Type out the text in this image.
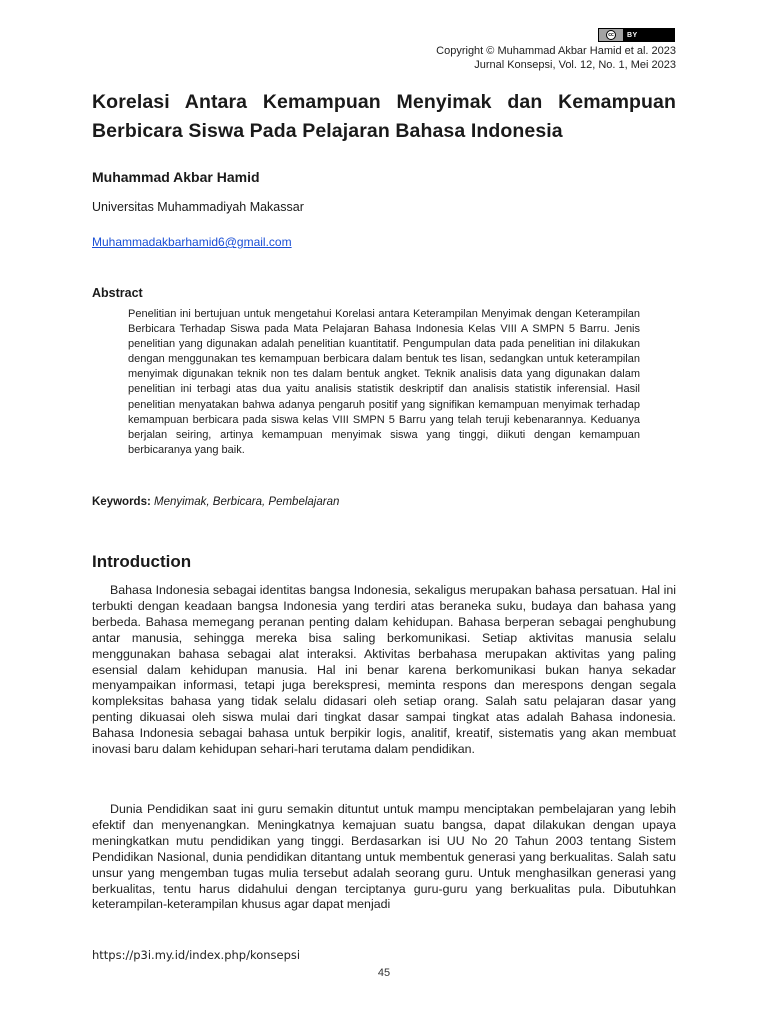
cc	BY
Copyright © Muhammad Akbar Hamid et al. 2023
Jurnal Konsepsi, Vol. 12, No. 1, Mei 2023
Korelasi Antara Kemampuan Menyimak dan Kemampuan Berbicara Siswa Pada Pelajaran Bahasa Indonesia

Muhammad Akbar Hamid

Universitas Muhammadiyah Makassar

Muhammadakbarhamid6@gmail.com

Abstract

Penelitian ini bertujuan untuk mengetahui Korelasi antara Keterampilan Menyimak dengan Keterampilan Berbicara Terhadap Siswa pada Mata Pelajaran Bahasa Indonesia Kelas VIII A SMPN 5 Barru. Jenis penelitian yang digunakan adalah penelitian kuantitatif. Pengumpulan data pada penelitian ini dilakukan dengan menggunakan tes kemampuan berbicara dalam bentuk tes lisan, sedangkan untuk keterampilan menyimak digunakan teknik non tes dalam bentuk angket. Teknik analisis data yang digunakan dalam penelitian ini terbagi atas dua yaitu analisis statistik deskriptif dan analisis statistik inferensial. Hasil penelitian menyatakan bahwa adanya pengaruh positif yang signifikan kemampuan menyimak terhadap kemampuan berbicara pada siswa kelas VIII SMPN 5 Barru yang telah teruji kebenarannya. Keduanya berjalan seiring, artinya kemampuan menyimak siswa yang tinggi, diikuti dengan kemampuan berbicaranya yang baik.

Keywords: Menyimak, Berbicara, Pembelajaran

Introduction

Bahasa Indonesia sebagai identitas bangsa Indonesia, sekaligus merupakan bahasa persatuan. Hal ini terbukti dengan keadaan bangsa Indonesia yang terdiri atas beraneka suku, budaya dan bahasa yang berbeda. Bahasa memegang peranan penting dalam kehidupan. Bahasa berperan sebagai penghubung antar manusia, sehingga mereka bisa saling berkomunikasi. Setiap aktivitas manusia selalu menggunakan bahasa sebagai alat interaksi. Aktivitas berbahasa merupakan aktivitas yang paling esensial dalam kehidupan manusia. Hal ini benar karena berkomunikasi bukan hanya sekadar menyampaikan informasi, tetapi juga berekspresi, meminta respons dan merespons dengan segala kompleksitas bahasa yang tidak selalu didasari oleh setiap orang. Salah satu pelajaran dasar yang penting dikuasai oleh siswa mulai dari tingkat dasar sampai tingkat atas adalah Bahasa indonesia. Bahasa Indonesia sebagai bahasa untuk berpikir logis, analitif, kreatif, sistematis yang akan membuat inovasi baru dalam kehidupan sehari-hari terutama dalam pendidikan.

Dunia Pendidikan saat ini guru semakin dituntut untuk mampu menciptakan pembelajaran yang lebih efektif dan menyenangkan. Meningkatnya kemajuan suatu bangsa, dapat dilakukan dengan upaya meningkatkan mutu pendidikan yang tinggi. Berdasarkan isi UU No 20 Tahun 2003 tentang Sistem Pendidikan Nasional, dunia pendidikan ditantang untuk membentuk generasi yang berkualitas. Salah satu unsur yang mengemban tugas mulia tersebut adalah seorang guru. Untuk menghasilkan generasi yang berkualitas, tentu harus didahului dengan terciptanya guru-guru yang berkualitas pula. Dibutuhkan keterampilan-keterampilan khusus agar dapat menjadi

https://p3i.my.id/index.php/konsepsi

45
